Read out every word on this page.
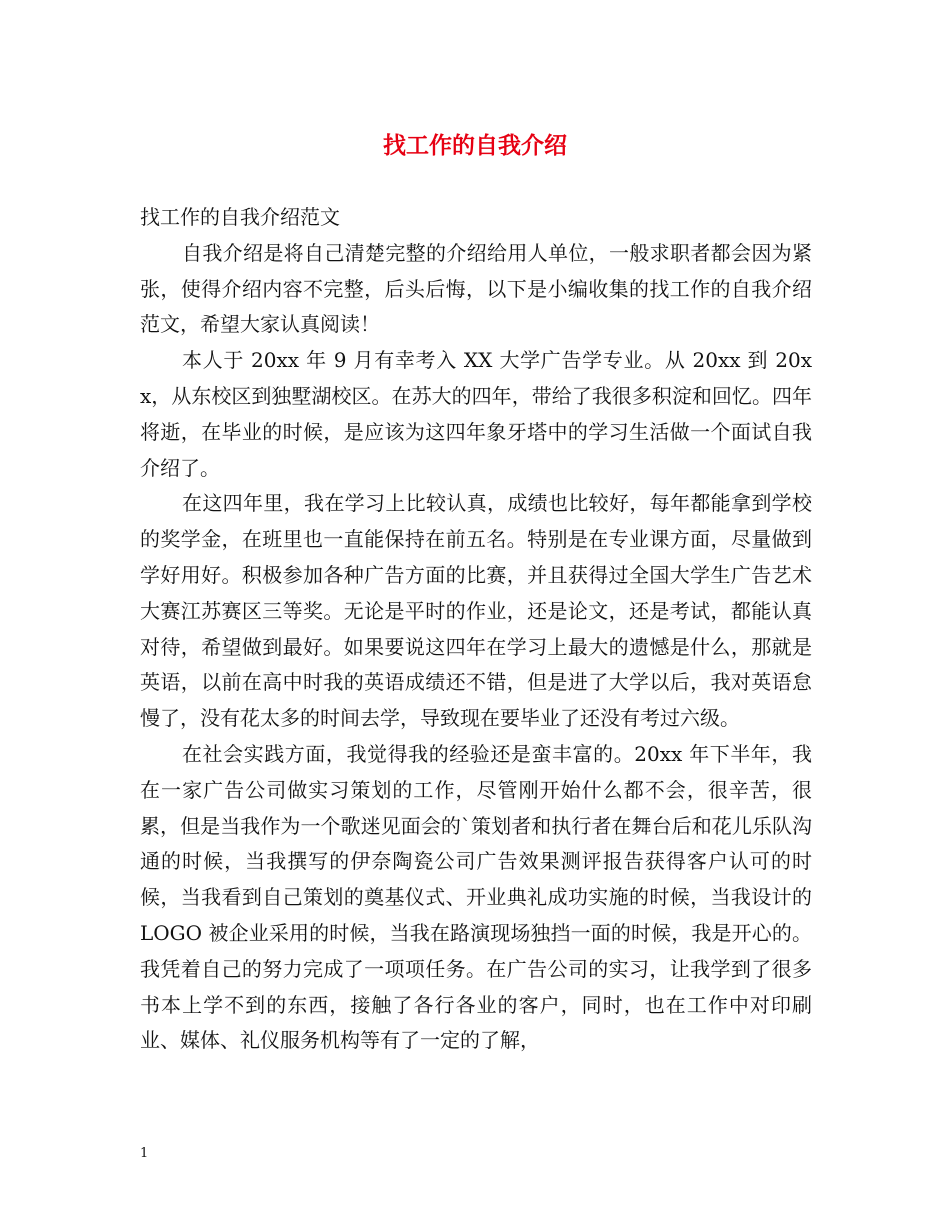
找工作的自我介绍

找工作的自我介绍范文

自我介绍是将自己清楚完整的介绍给用人单位，一般求职者都会因为紧张，使得介绍内容不完整，后头后悔，以下是小编收集的找工作的自我介绍范文，希望大家认真阅读！

本人于 20xx 年 9 月有幸考入 XX 大学广告学专业。从 20xx 到 20xx，从东校区到独墅湖校区。在苏大的四年，带给了我很多积淀和回忆。四年将逝，在毕业的时候，是应该为这四年象牙塔中的学习生活做一个面试自我介绍了。

在这四年里，我在学习上比较认真，成绩也比较好，每年都能拿到学校的奖学金，在班里也一直能保持在前五名。特别是在专业课方面，尽量做到学好用好。积极参加各种广告方面的比赛，并且获得过全国大学生广告艺术大赛江苏赛区三等奖。无论是平时的作业，还是论文，还是考试，都能认真对待，希望做到最好。如果要说这四年在学习上最大的遗憾是什么，那就是英语，以前在高中时我的英语成绩还不错，但是进了大学以后，我对英语怠慢了，没有花太多的时间去学，导致现在要毕业了还没有考过六级。

在社会实践方面，我觉得我的经验还是蛮丰富的。20xx 年下半年，我在一家广告公司做实习策划的工作，尽管刚开始什么都不会，很辛苦，很累，但是当我作为一个歌迷见面会的`策划者和执行者在舞台后和花儿乐队沟通的时候，当我撰写的伊奈陶瓷公司广告效果测评报告获得客户认可的时候，当我看到自己策划的奠基仪式、开业典礼成功实施的时候，当我设计的 LOGO 被企业采用的时候，当我在路演现场独挡一面的时候，我是开心的。我凭着自己的努力完成了一项项任务。在广告公司的实习，让我学到了很多书本上学不到的东西，接触了各行各业的客户，同时，也在工作中对印刷业、媒体、礼仪服务机构等有了一定的了解，

1
